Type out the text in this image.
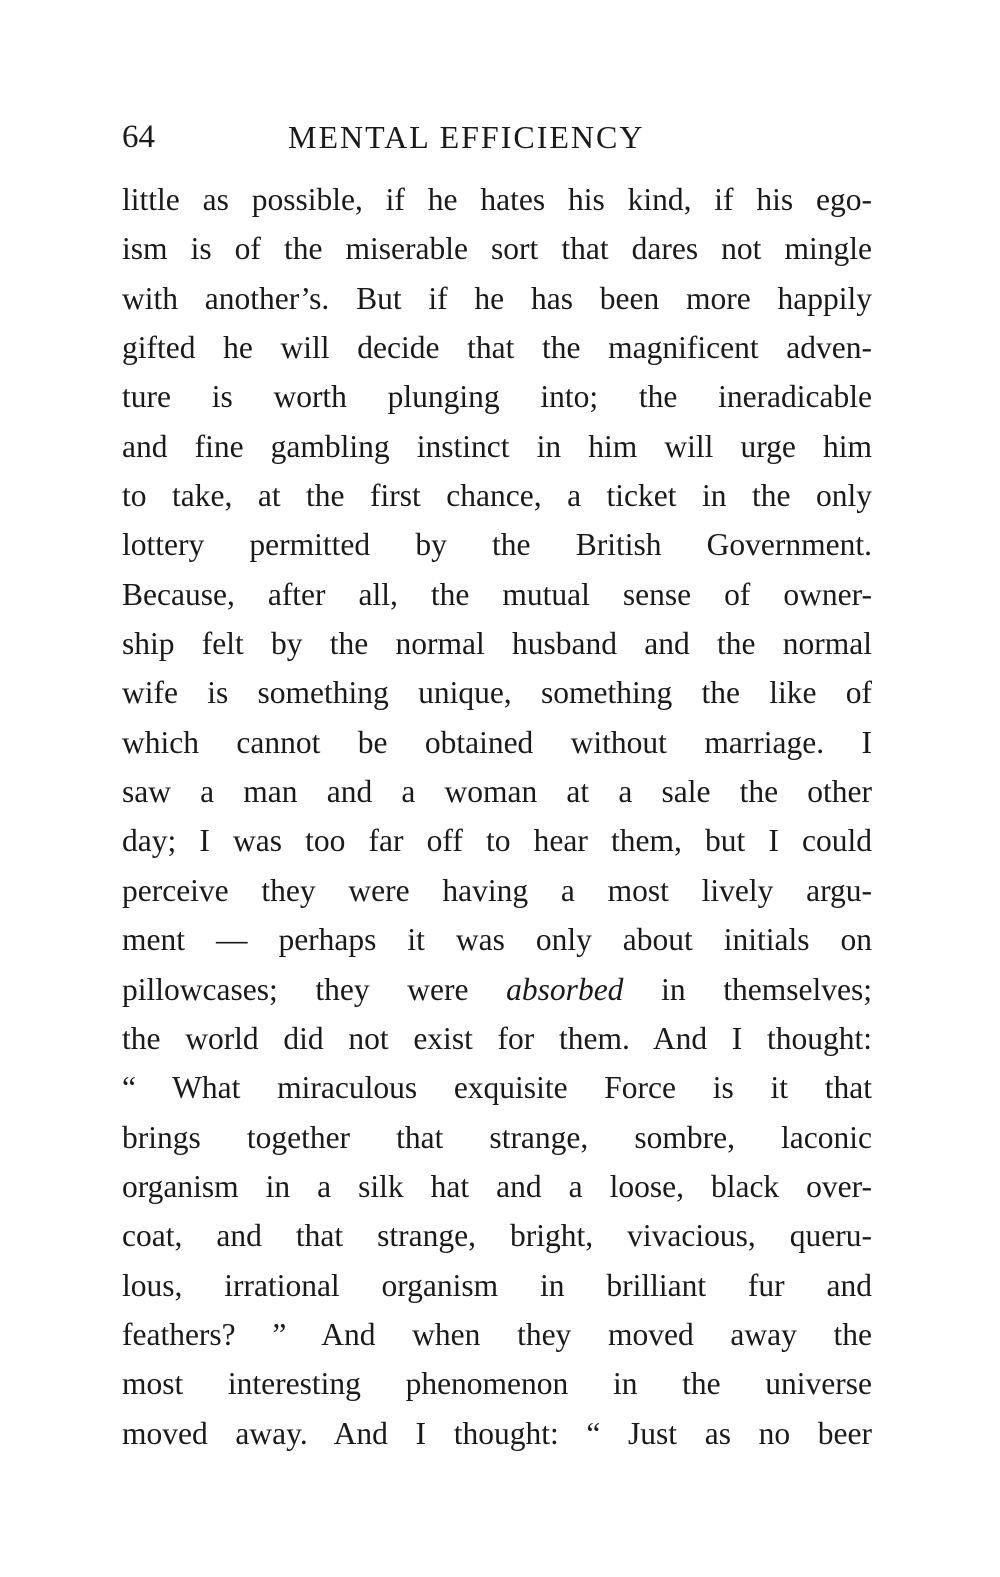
64	MENTAL EFFICIENCY
little as possible, if he hates his kind, if his ego-
ism is of the miserable sort that dares not mingle
with another’s. But if he has been more happily
gifted he will decide that the magnificent adven-
ture is worth plunging into; the ineradicable
and fine gambling instinct in him will urge him
to take, at the first chance, a ticket in the only
lottery permitted by the British Government.
Because, after all, the mutual sense of owner-
ship felt by the normal husband and the normal
wife is something unique, something the like of
which cannot be obtained without marriage. I
saw a man and a woman at a sale the other
day; I was too far off to hear them, but I could
perceive they were having a most lively argu-
ment — perhaps it was only about initials on
pillowcases; they were absorbed in themselves;
the world did not exist for them. And I thought:
“ What miraculous exquisite Force is it that
brings together that strange, sombre, laconic
organism in a silk hat and a loose, black over-
coat, and that strange, bright, vivacious, queru-
lous, irrational organism in brilliant fur and
feathers? ” And when they moved away the
most interesting phenomenon in the universe
moved away. And I thought: “ Just as no beer
